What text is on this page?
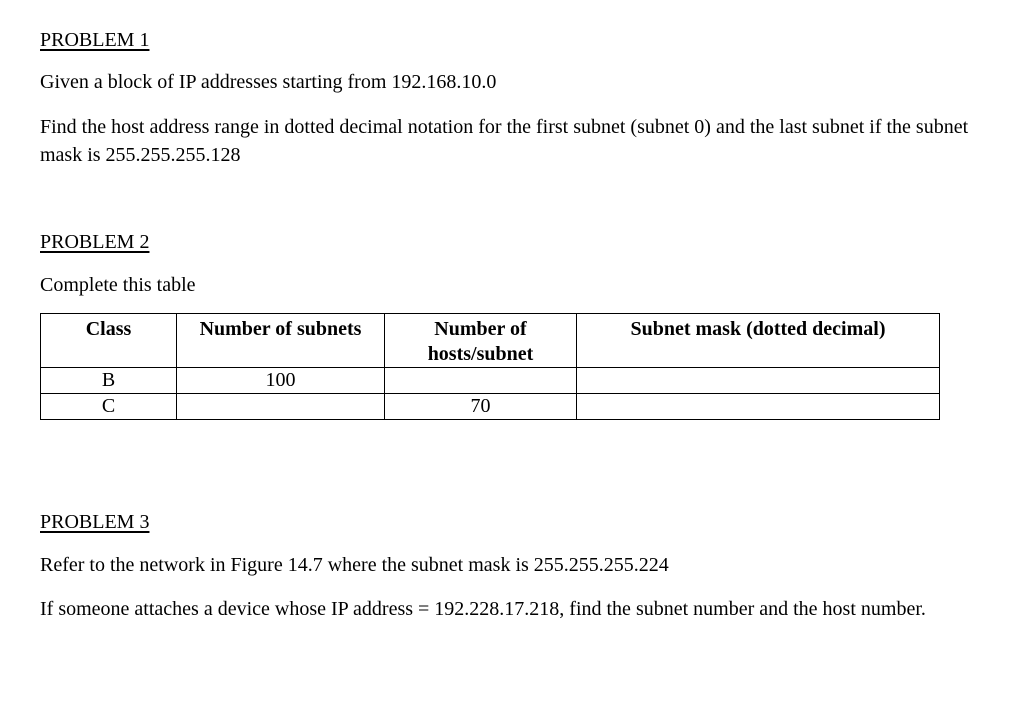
PROBLEM 1

Given a block of IP addresses starting from 192.168.10.0

Find the host address range in dotted decimal notation for the first subnet (subnet 0) and the last subnet if the subnet mask is 255.255.255.128

PROBLEM 2

Complete this table

Class	Number of subnets	Number of hosts/subnet	Subnet mask (dotted decimal)
B	100		
C		70	

PROBLEM 3

Refer to the network in Figure 14.7 where the subnet mask is 255.255.255.224

If someone attaches a device whose IP address = 192.228.17.218, find the subnet number and the host number.
